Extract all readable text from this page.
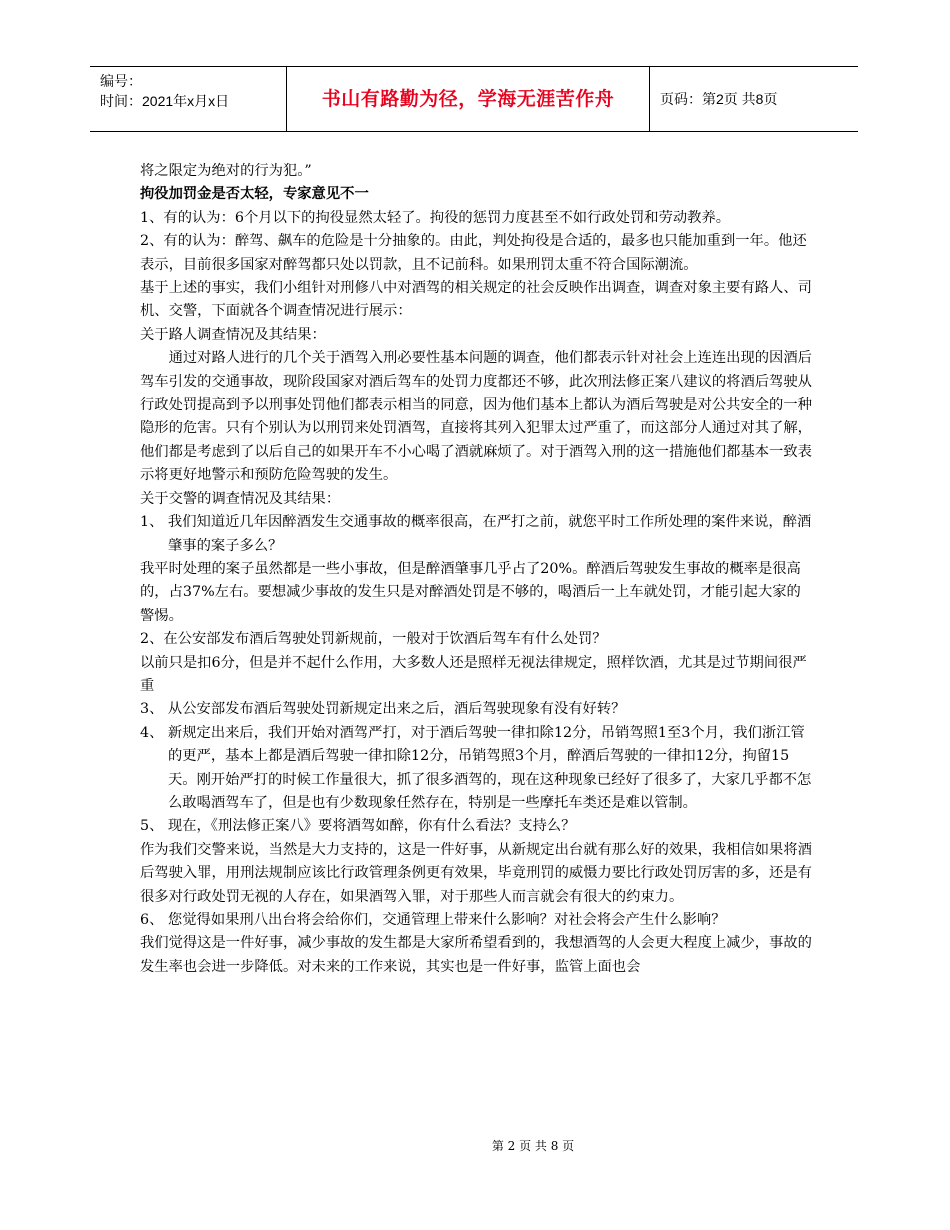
编号：
时间：2021年x月x日	书山有路勤为径，学海无涯苦作舟	页码：第2页 共8页

将之限定为绝对的行为犯。”

拘役加罚金是否太轻，专家意见不一

1、有的认为：6个月以下的拘役显然太轻了。拘役的惩罚力度甚至不如行政处罚和劳动教养。

2、有的认为：醉驾、飙车的危险是十分抽象的。由此，判处拘役是合适的，最多也只能加重到一年。他还表示，目前很多国家对醉驾都只处以罚款，且不记前科。如果刑罚太重不符合国际潮流。

基于上述的事实，我们小组针对刑修八中对酒驾的相关规定的社会反映作出调查，调查对象主要有路人、司机、交警，下面就各个调查情况进行展示：

关于路人调查情况及其结果：

通过对路人进行的几个关于酒驾入刑必要性基本问题的调查，他们都表示针对社会上连连出现的因酒后驾车引发的交通事故，现阶段国家对酒后驾车的处罚力度都还不够，此次刑法修正案八建议的将酒后驾驶从行政处罚提高到予以刑事处罚他们都表示相当的同意，因为他们基本上都认为酒后驾驶是对公共安全的一种隐形的危害。只有个别认为以刑罚来处罚酒驾，直接将其列入犯罪太过严重了，而这部分人通过对其了解，他们都是考虑到了以后自己的如果开车不小心喝了酒就麻烦了。对于酒驾入刑的这一措施他们都基本一致表示将更好地警示和预防危险驾驶的发生。

关于交警的调查情况及其结果：

1、 我们知道近几年因醉酒发生交通事故的概率很高，在严打之前，就您平时工作所处理的案件来说，醉酒肇事的案子多么？

我平时处理的案子虽然都是一些小事故，但是醉酒肇事几乎占了20%。醉酒后驾驶发生事故的概率是很高的，占37%左右。要想减少事故的发生只是对醉酒处罚是不够的，喝酒后一上车就处罚，才能引起大家的警惕。

2、在公安部发布酒后驾驶处罚新规前，一般对于饮酒后驾车有什么处罚？

以前只是扣6分，但是并不起什么作用，大多数人还是照样无视法律规定，照样饮酒，尤其是过节期间很严重

3、 从公安部发布酒后驾驶处罚新规定出来之后，酒后驾驶现象有没有好转？

4、 新规定出来后，我们开始对酒驾严打，对于酒后驾驶一律扣除12分，吊销驾照1至3个月，我们浙江管的更严，基本上都是酒后驾驶一律扣除12分，吊销驾照3个月，醉酒后驾驶的一律扣12分，拘留15天。刚开始严打的时候工作量很大，抓了很多酒驾的，现在这种现象已经好了很多了，大家几乎都不怎么敢喝酒驾车了，但是也有少数现象任然存在，特别是一些摩托车类还是难以管制。

5、 现在，《刑法修正案八》要将酒驾如醉，你有什么看法？支持么？

作为我们交警来说，当然是大力支持的，这是一件好事，从新规定出台就有那么好的效果，我相信如果将酒后驾驶入罪，用刑法规制应该比行政管理条例更有效果，毕竟刑罚的威慑力要比行政处罚厉害的多，还是有很多对行政处罚无视的人存在，如果酒驾入罪，对于那些人而言就会有很大的约束力。

6、 您觉得如果刑八出台将会给你们，交通管理上带来什么影响？对社会将会产生什么影响？

我们觉得这是一件好事，减少事故的发生都是大家所希望看到的，我想酒驾的人会更大程度上减少，事故的发生率也会进一步降低。对未来的工作来说，其实也是一件好事，监管上面也会

第 2 页 共 8 页
